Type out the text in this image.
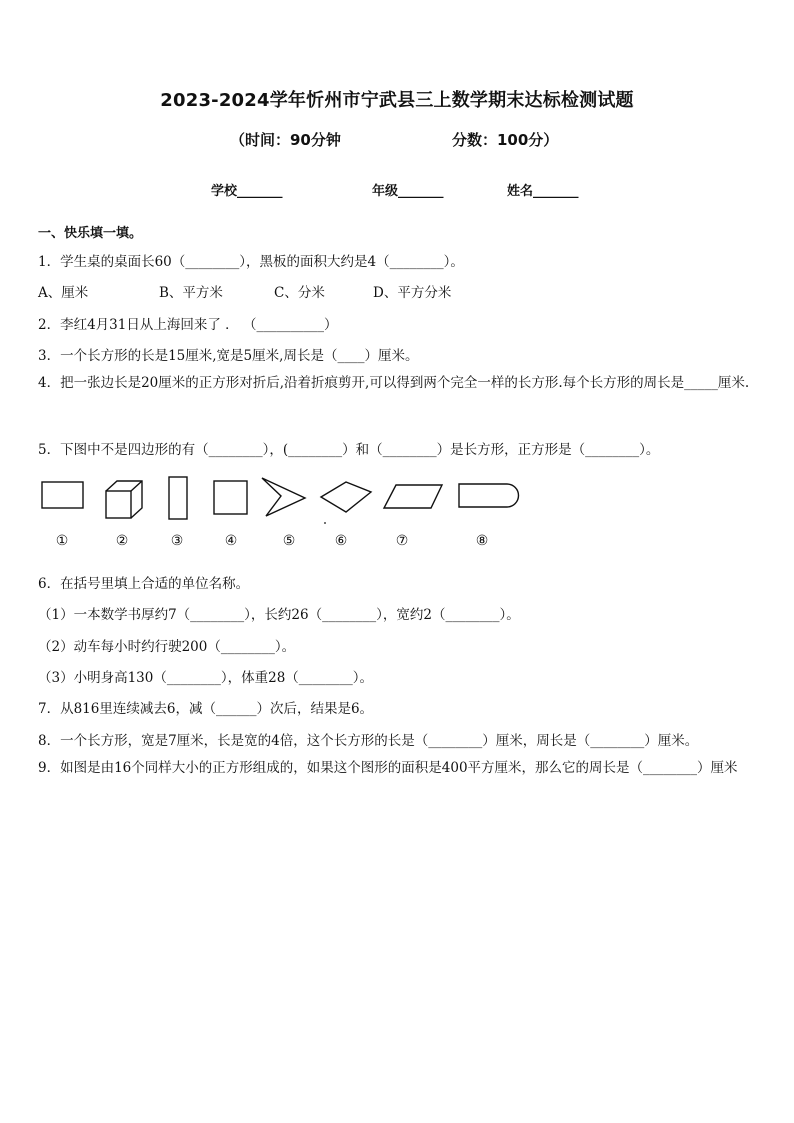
2023-2024学年忻州市宁武县三上数学期末达标检测试题
（时间：90分钟	分数：100分）
学校_______	年级_______	姓名_______
一、快乐填一填。
1．学生桌的桌面长60（________），黑板的面积大约是4（________）。
A、厘米	B、平方米	C、分米	D、平方分米
2．李红4月31日从上海回来了 ． （__________）
3．一个长方形的长是15厘米,宽是5厘米,周长是（____）厘米。
4．把一张边长是20厘米的正方形对折后,沿着折痕剪开,可以得到两个完全一样的长方形.每个长方形的周长是_____厘米.
5．下图中不是四边形的有（________），(________）和（________）是长方形，正方形是（________）。
①	②	③	④	⑤	⑥	⑦	⑧
6．在括号里填上合适的单位名称。
（1）一本数学书厚约7（________），长约26（________），宽约2（________）。
（2）动车每小时约行驶200（________）。
（3）小明身高130（________），体重28（________）。
7．从816里连续减去6，减（______）次后，结果是6。
8．一个长方形，宽是7厘米，长是宽的4倍，这个长方形的长是（________）厘米，周长是（________）厘米。
9．如图是由16个同样大小的正方形组成的，如果这个图形的面积是400平方厘米，那么它的周长是（________）厘米
